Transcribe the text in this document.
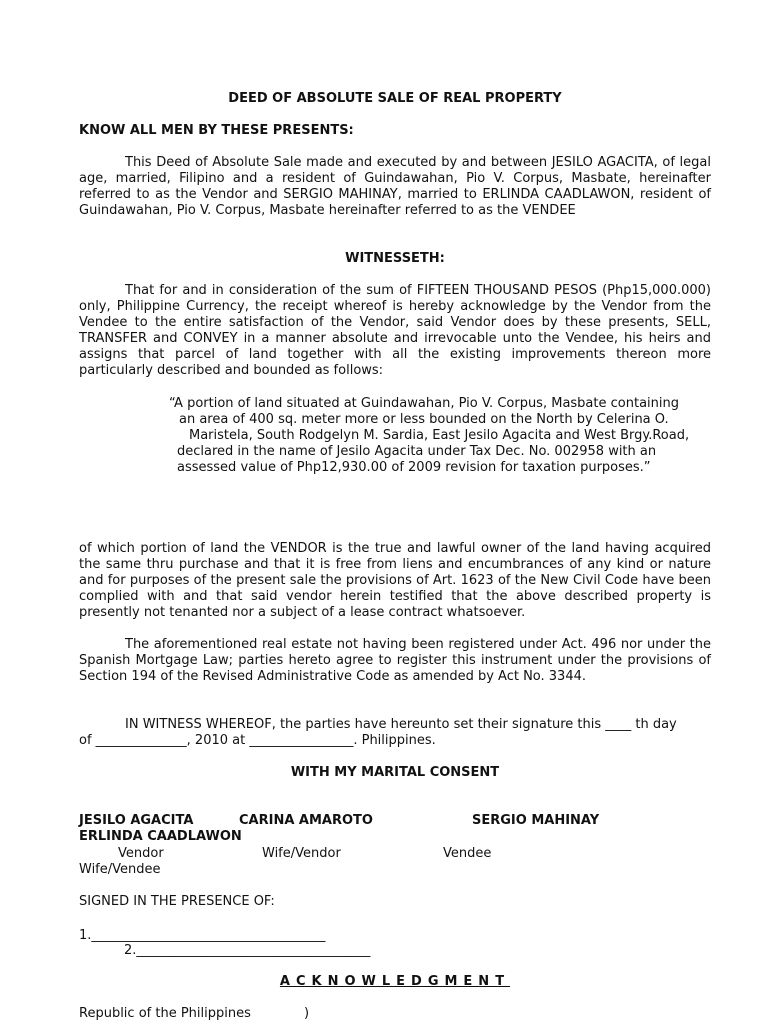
DEED OF ABSOLUTE SALE OF REAL PROPERTY
KNOW ALL MEN BY THESE PRESENTS:

This Deed of Absolute Sale made and executed by and between JESILO AGACITA, of legal age, married, Filipino and a resident of Guindawahan, Pio V. Corpus, Masbate, hereinafter referred to as the Vendor and SERGIO MAHINAY, married to ERLINDA CAADLAWON, resident of Guindawahan, Pio V. Corpus, Masbate hereinafter referred to as the VENDEE

WITNESSETH:

That for and in consideration of the sum of FIFTEEN THOUSAND PESOS (Php15,000.000) only, Philippine Currency, the receipt whereof is hereby acknowledge by the Vendor from the Vendee to the entire satisfaction of the Vendor, said Vendor does by these presents, SELL, TRANSFER and CONVEY in a manner absolute and irrevocable unto the Vendee, his heirs and assigns that parcel of land together with all the existing improvements thereon more particularly described and bounded as follows:

“A portion of land situated at Guindawahan, Pio V. Corpus, Masbate containing

an area of 400 sq. meter more or less bounded on the North by Celerina O.

Maristela, South Rodgelyn M. Sardia, East Jesilo Agacita and West Brgy.Road,

declared in the name of Jesilo Agacita under Tax Dec. No. 002958 with an

assessed value of Php12,930.00 of 2009 revision for taxation purposes.”

of which portion of land the VENDOR is the true and lawful owner of the land having acquired the same thru purchase and that it is free from liens and encumbrances of any kind or nature and for purposes of the present sale the provisions of Art. 1623 of the New Civil Code have been complied with and that said vendor herein testified that the above described property is presently not tenanted nor a subject of a lease contract whatsoever.

The aforementioned real estate not having been registered under Act. 496 nor under the Spanish Mortgage Law; parties hereto agree to register this instrument under the provisions of Section 194 of the Revised Administrative Code as amended by Act No. 3344.

IN WITNESS WHEREOF, the parties have hereunto set their signature this ____ th day
of ______________, 2010 at ________________. Philippines.
WITH MY MARITAL CONSENT
JESILO AGACITA	CARINA AMAROTO	SERGIO MAHINAY
ERLINDA CAADLAWON
Vendor	Wife/Vendor	Vendee
Wife/Vendee
SIGNED IN THE PRESENCE OF:
1.____________________________________
2.____________________________________
ACKNOWLEDGMENT
Republic of the Philippines	)
